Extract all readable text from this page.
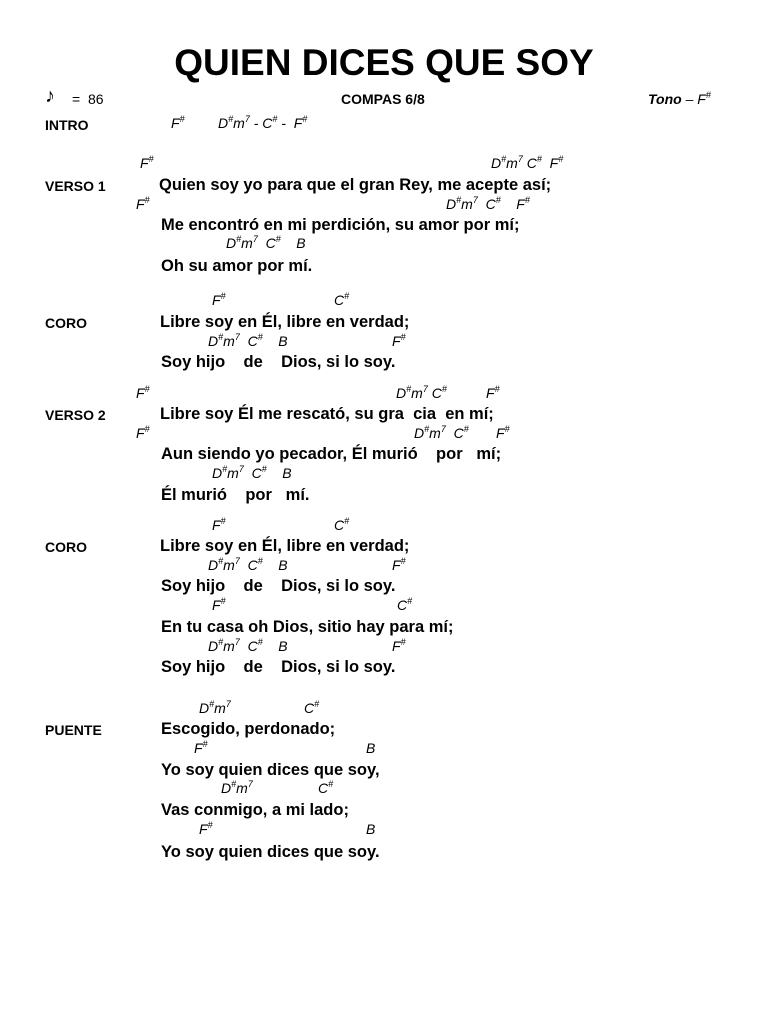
QUIEN DICES QUE SOY
♪ =  86	COMPAS 6/8	Tono – F#
INTRO	F# $D^{\#}m^7 - C^{\#} - F^{\#}$
F#	$D^{\#}m^7$ C#  F#
VERSO 1	Quien soy yo para que el gran Rey, me acepte así;
F#	$D^{\#}m^7$  C#    F#
Me encontró en mi perdición, su amor por mí;
$D^{\#}m^7$  C#    B
Oh su amor por mí.
F#	C#
CORO	Libre soy en Él, libre en verdad;
$D^{\#}m^7$  C#    B	F#
Soy hijo    de    Dios, si lo soy.
F#	$D^{\#}m^7$ C#	F#
VERSO 2	Libre soy Él me rescató, su gra  cia  en mí;
F#	$D^{\#}m^7$  C# F#
Aun siendo yo pecador, Él murió    por   mí;
$D^{\#}m^7$  C#    B
Él murió    por   mí.
F#	C#
CORO	Libre soy en Él, libre en verdad;
$D^{\#}m^7$  C#    B	F#
Soy hijo    de    Dios, si lo soy.
F#	C#
En tu casa oh Dios, sitio hay para mí;
$D^{\#}m^7$  C#    B	F#
Soy hijo    de    Dios, si lo soy.
$D^{\#}m^7$	C#
PUENTE	Escogido, perdonado;
F#	B
Yo soy quien dices que soy,
$D^{\#}m^7$	C#
Vas conmigo, a mi lado;
F#	B
Yo soy quien dices que soy.
